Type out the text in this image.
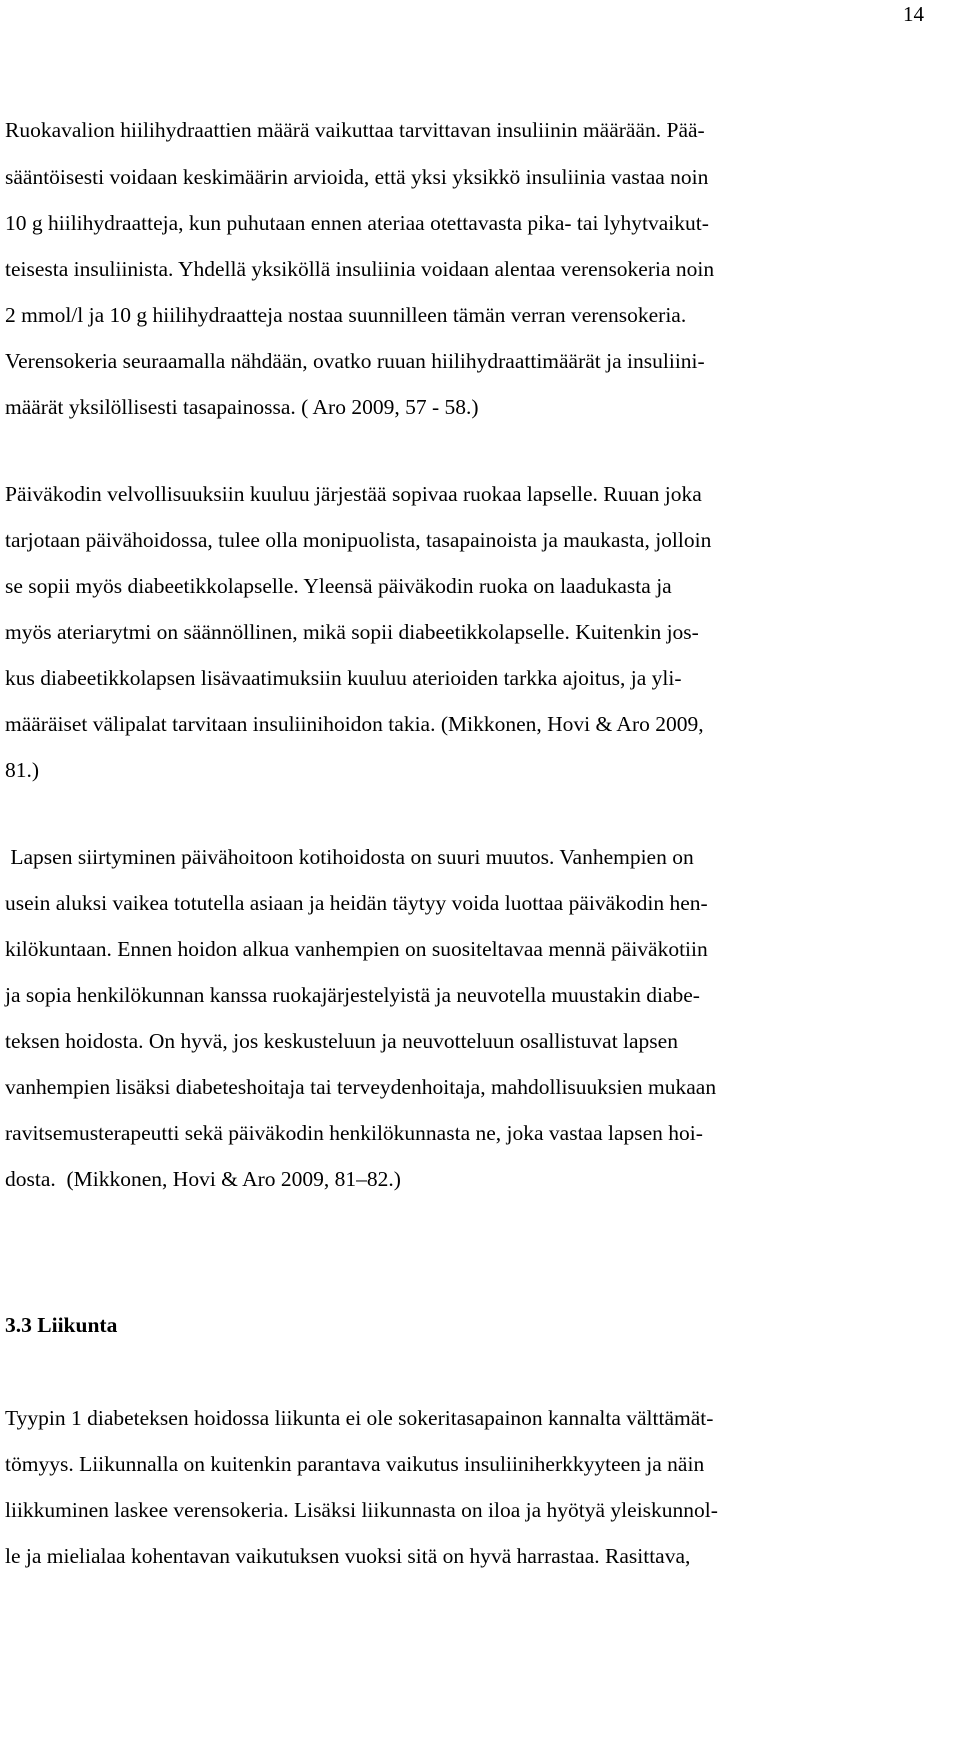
14
Ruokavalion hiilihydraattien määrä vaikuttaa tarvittavan insuliinin määrään. Pää-
sääntöisesti voidaan keskimäärin arvioida, että yksi yksikkö insuliinia vastaa noin
10 g hiilihydraatteja, kun puhutaan ennen ateriaa otettavasta pika- tai lyhytvaikut-
teisesta insuliinista. Yhdellä yksiköllä insuliinia voidaan alentaa verensokeria noin
2 mmol/l ja 10 g hiilihydraatteja nostaa suunnilleen tämän verran verensokeria.
Verensokeria seuraamalla nähdään, ovatko ruuan hiilihydraattimäärät ja insuliini-
määrät yksilöllisesti tasapainossa. ( Aro 2009, 57 - 58.)
Päiväkodin velvollisuuksiin kuuluu järjestää sopivaa ruokaa lapselle. Ruuan joka
tarjotaan päivähoidossa, tulee olla monipuolista, tasapainoista ja maukasta, jolloin
se sopii myös diabeetikkolapselle. Yleensä päiväkodin ruoka on laadukasta ja
myös ateriarytmi on säännöllinen, mikä sopii diabeetikkolapselle. Kuitenkin jos-
kus diabeetikkolapsen lisävaatimuksiin kuuluu aterioiden tarkka ajoitus, ja yli-
määräiset välipalat tarvitaan insuliinihoidon takia. (Mikkonen, Hovi & Aro 2009,
81.)
Lapsen siirtyminen päivähoitoon kotihoidosta on suuri muutos. Vanhempien on
usein aluksi vaikea totutella asiaan ja heidän täytyy voida luottaa päiväkodin hen-
kilökuntaan. Ennen hoidon alkua vanhempien on suositeltavaa mennä päiväkotiin
ja sopia henkilökunnan kanssa ruokajärjestelyistä ja neuvotella muustakin diabe-
teksen hoidosta. On hyvä, jos keskusteluun ja neuvotteluun osallistuvat lapsen
vanhempien lisäksi diabeteshoitaja tai terveydenhoitaja, mahdollisuuksien mukaan
ravitsemusterapeutti sekä päiväkodin henkilökunnasta ne, joka vastaa lapsen hoi-
dosta.  (Mikkonen, Hovi & Aro 2009, 81–82.)
3.3 Liikunta
Tyypin 1 diabeteksen hoidossa liikunta ei ole sokeritasapainon kannalta välttämät-
tömyys. Liikunnalla on kuitenkin parantava vaikutus insuliiniherkkyyteen ja näin
liikkuminen laskee verensokeria. Lisäksi liikunnasta on iloa ja hyötyä yleiskunnol-
le ja mielialaa kohentavan vaikutuksen vuoksi sitä on hyvä harrastaa. Rasittava,
